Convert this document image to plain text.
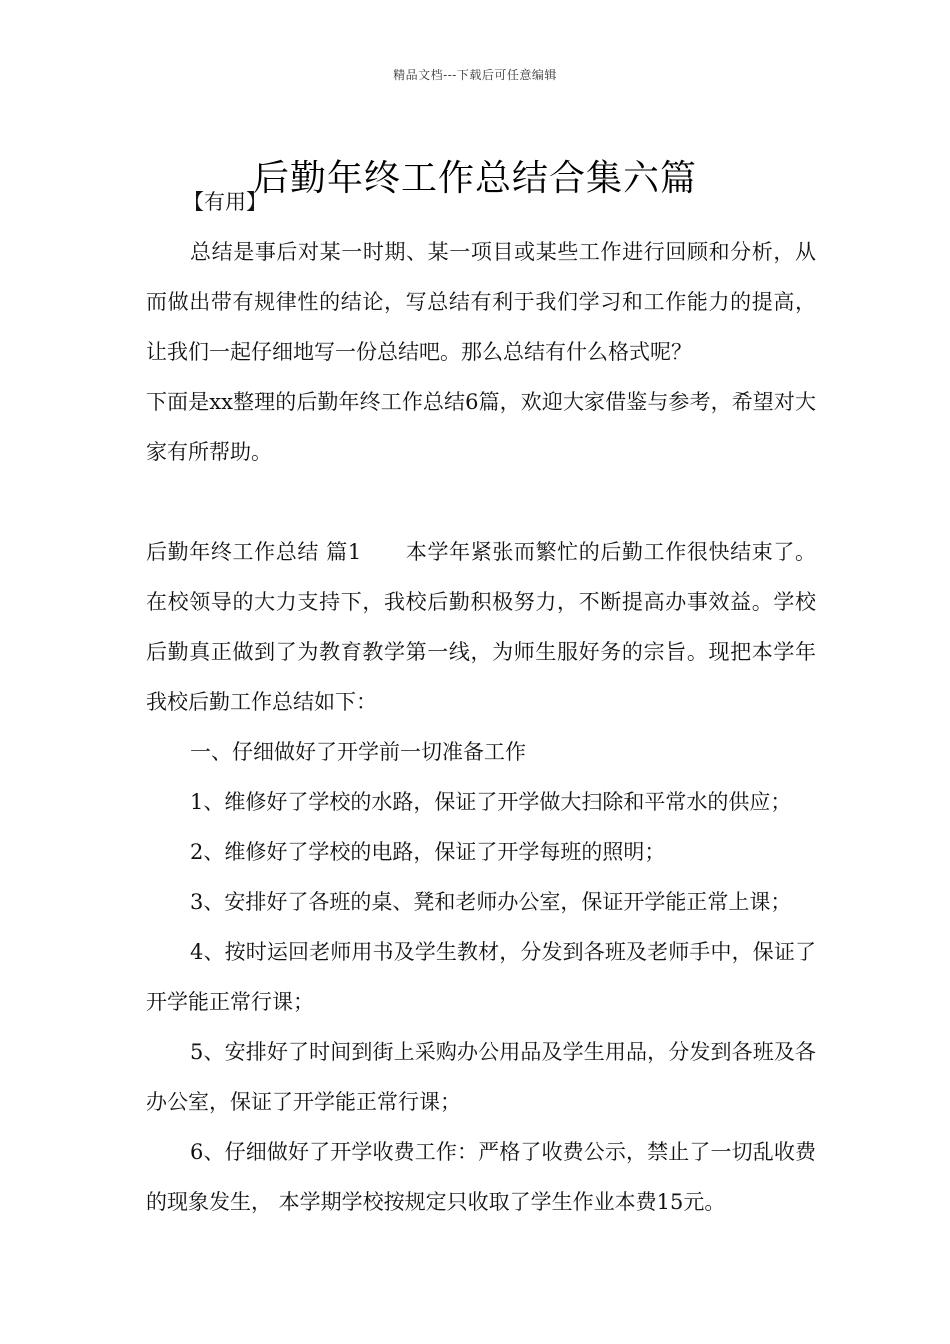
精品文档---下载后可任意编辑
后勤年终工作总结合集六篇
【有用】

总结是事后对某一时期、某一项目或某些工作进行回顾和分析，从而做出带有规律性的结论，写总结有利于我们学习和工作能力的提高，让我们一起仔细地写一份总结吧。那么总结有什么格式呢？

下面是xx整理的后勤年终工作总结6篇，欢迎大家借鉴与参考，希望对大家有所帮助。

后勤年终工作总结 篇1 本学年紧张而繁忙的后勤工作很快结束了。在校领导的大力支持下，我校后勤积极努力，不断提高办事效益。学校后勤真正做到了为教育教学第一线，为师生服好务的宗旨。现把本学年我校后勤工作总结如下：

一、仔细做好了开学前一切准备工作

1、维修好了学校的水路，保证了开学做大扫除和平常水的供应；

2、维修好了学校的电路，保证了开学每班的照明；

3、安排好了各班的桌、凳和老师办公室，保证开学能正常上课；

4、按时运回老师用书及学生教材，分发到各班及老师手中，保证了开学能正常行课；

5、安排好了时间到街上采购办公用品及学生用品，分发到各班及各办公室，保证了开学能正常行课；

6、仔细做好了开学收费工作：严格了收费公示，禁止了一切乱收费的现象发生， 本学期学校按规定只收取了学生作业本费15元。
